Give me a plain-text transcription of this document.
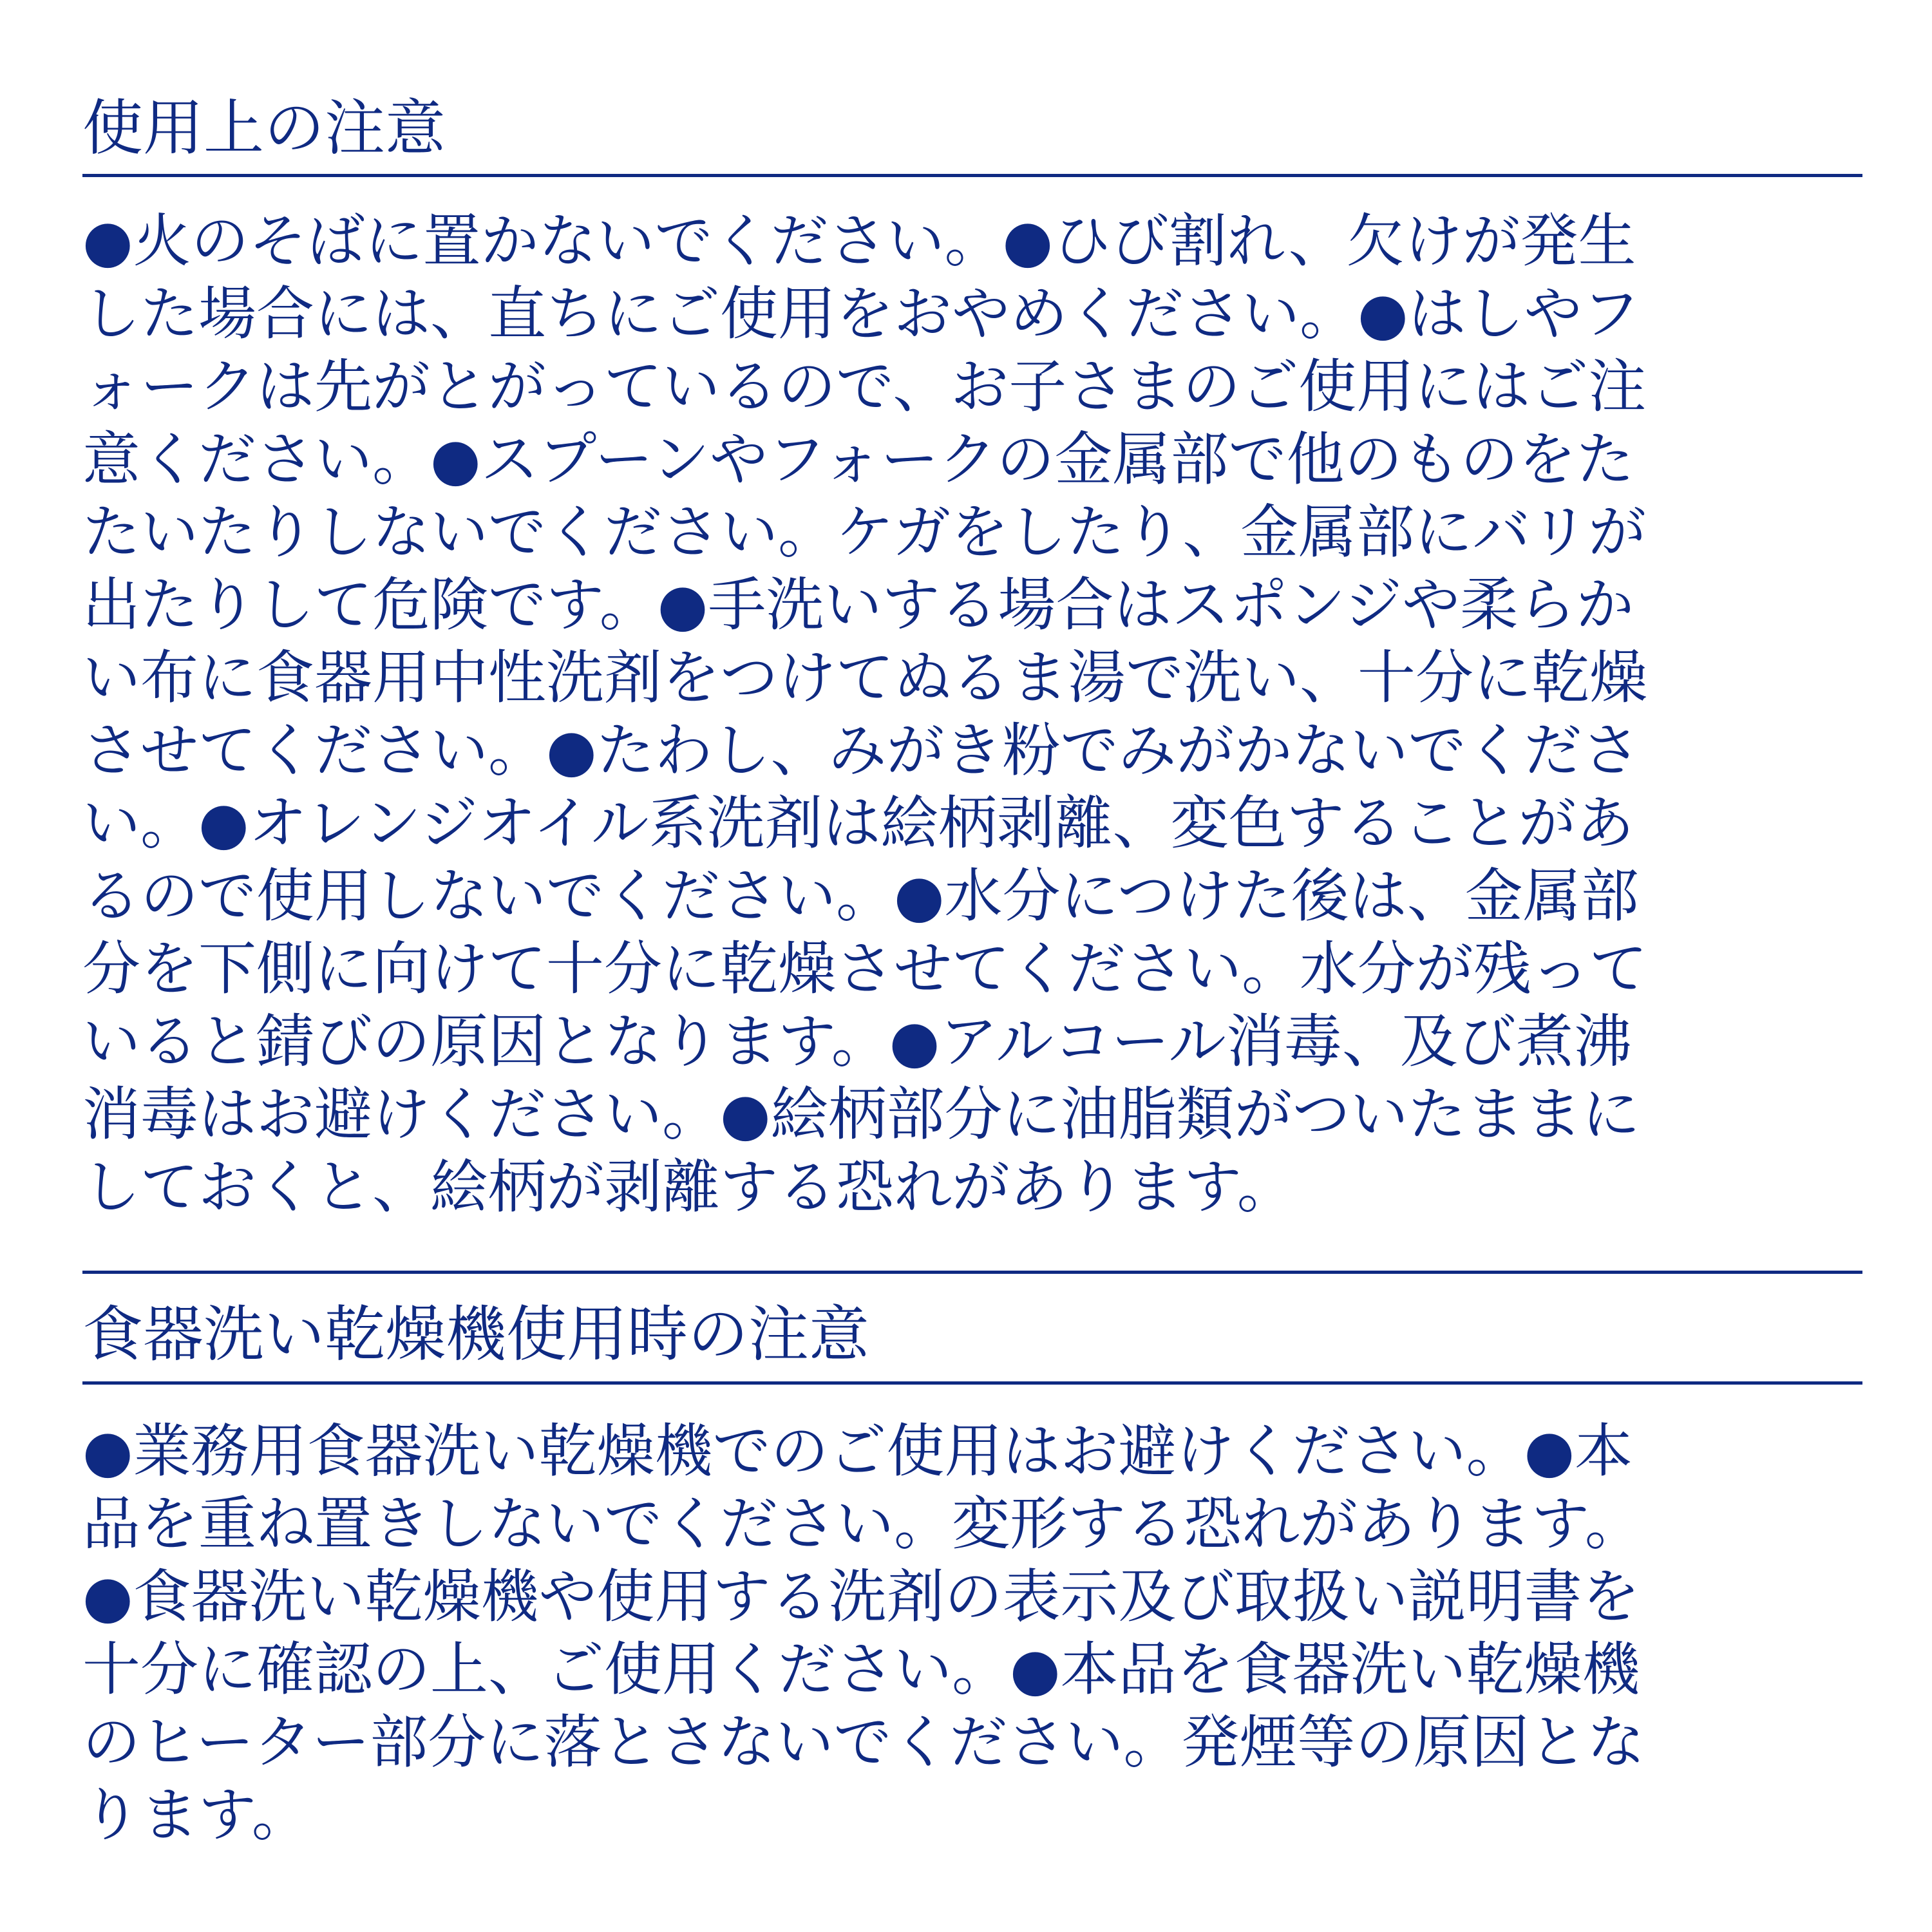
使用上の注意
●火のそばに置かないでください。●ひび割れ、欠けが発生
した場合には、直ちにご使用をおやめください。●はしやフ
ォークは先がとがっているので、お子さまのご使用にはご注
意ください。●スプーンやフォークの金属部で他のものをた
たいたりしないでください。ケガをしたり、金属部にバリが
出たりして危険です。●手洗いする場合はスポンジや柔らか
い布に食器用中性洗剤をつけてぬるま湯で洗い、十分に乾燥
させてください。●たわし、みがき粉でみがかないでくださ
い。●オレンジオイル系洗剤は絵柄剥離、変色することがあ
るので使用しないでください。●水分につけた後は、金属部
分を下側に向けて十分に乾燥させてください。水分が残って
いると錆びの原因となります。●アルコール消毒、及び煮沸
消毒はお避けください。●絵柄部分に油脂類がついたままに
しておくと、絵柄が剥離する恐れがあります。
食器洗い乾燥機使用時の注意
●業務用食器洗い乾燥機でのご使用はお避けください。●本
品を重ね置きしないでください。変形する恐れがあります。
●食器洗い乾燥機や使用する洗剤の表示及び取扱い説明書を
十分に確認の上、ご使用ください。●本品を食器洗い乾燥機
のヒーター部分に落とさないでください。発煙等の原因とな
ります。
